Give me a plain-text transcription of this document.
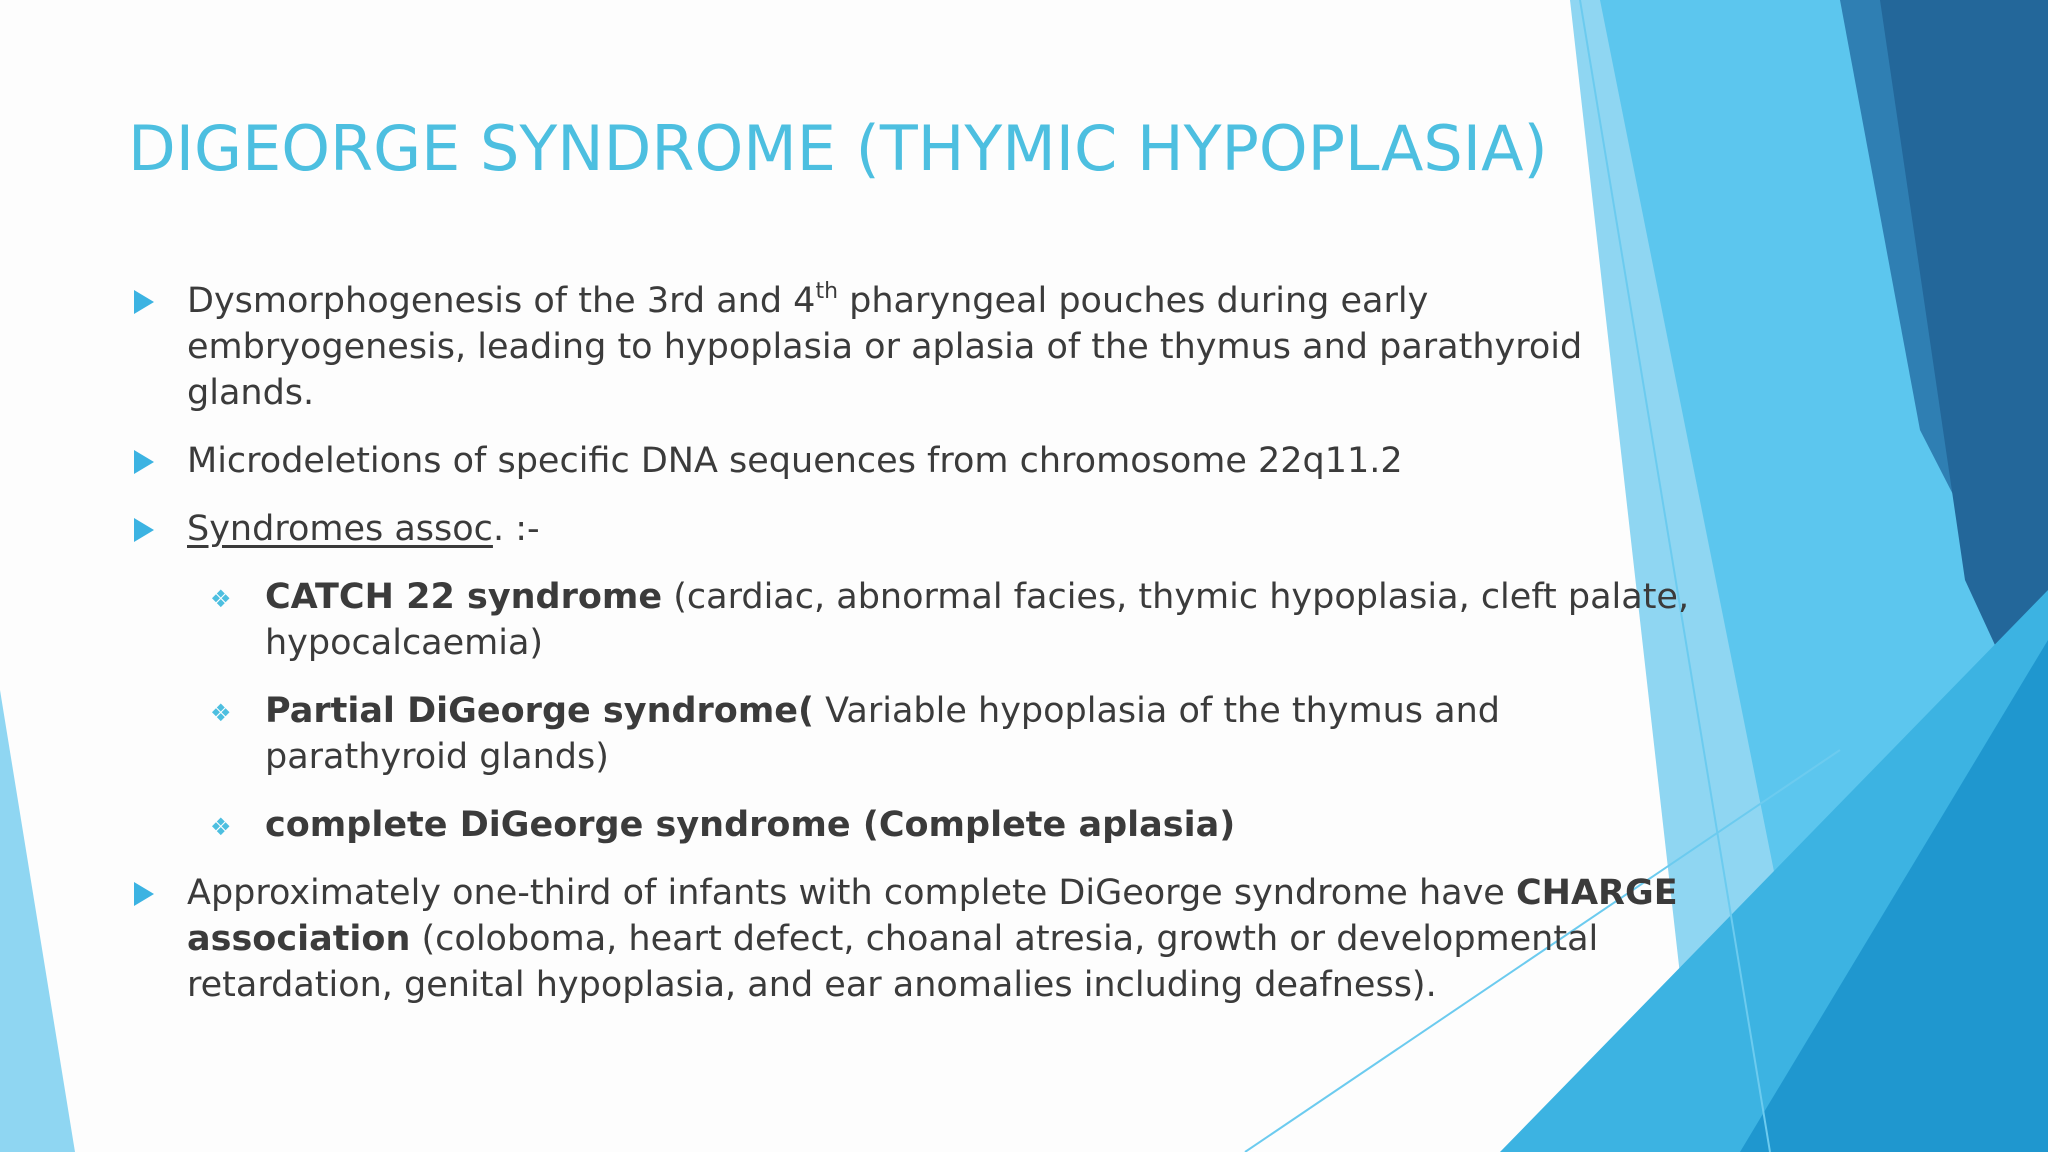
DIGEORGE SYNDROME (THYMIC HYPOPLASIA)
Dysmorphogenesis of the 3rd and 4th pharyngeal pouches during early embryogenesis, leading to hypoplasia or aplasia of the thymus and parathyroid glands.
Microdeletions of specific DNA sequences from chromosome 22q11.2
Syndromes assoc. :-
❖ CATCH 22 syndrome (cardiac, abnormal facies, thymic hypoplasia, cleft palate, hypocalcaemia)
❖ Partial DiGeorge syndrome( Variable hypoplasia of the thymus and parathyroid glands)
❖ complete DiGeorge syndrome (Complete aplasia)
Approximately one-third of infants with complete DiGeorge syndrome have CHARGE association (coloboma, heart defect, choanal atresia, growth or developmental retardation, genital hypoplasia, and ear anomalies including deafness).
